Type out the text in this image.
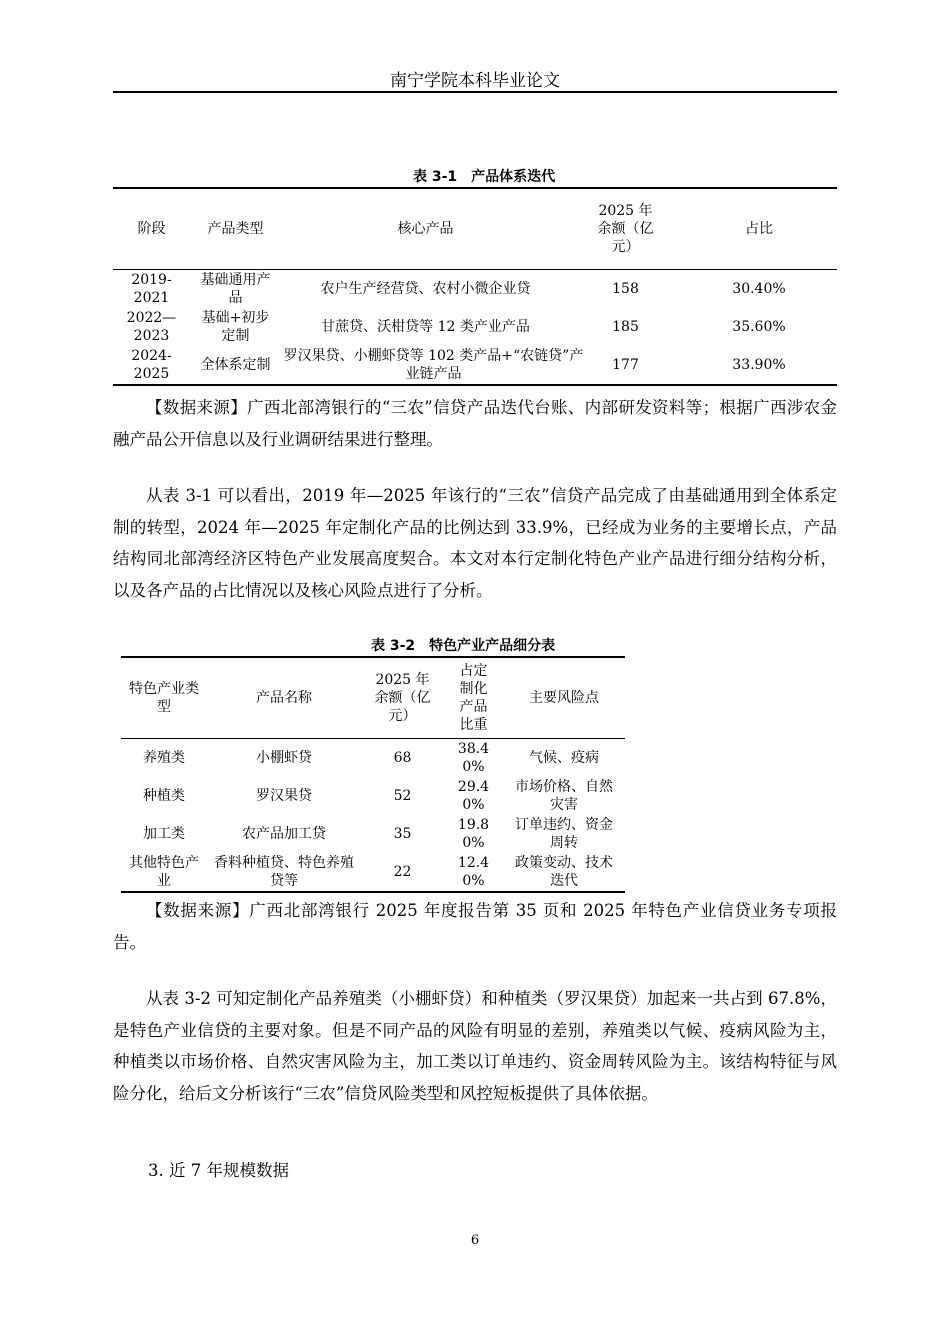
南宁学院本科毕业论文
表 3-1　产品体系迭代
阶段	产品类型	核心产品	2025 年余额（亿元）	占比

2019-2021	基础通用产品	农户生产经营贷、农村小微企业贷	158	30.40%

2022—2023	基础+初步定制	甘蔗贷、沃柑贷等 12 类产业产品	185	35.60%

2024-2025	全体系定制	罗汉果贷、小棚虾贷等 102 类产品+“农链贷”产业链产品	177	33.90%
【数据来源】广西北部湾银行的“三农”信贷产品迭代台账、内部研发资料等；根据广西涉农金融产品公开信息以及行业调研结果进行整理。
从表 3-1 可以看出，2019 年—2025 年该行的“三农”信贷产品完成了由基础通用到全体系定制的转型，2024 年—2025 年定制化产品的比例达到 33.9%，已经成为业务的主要增长点，产品结构同北部湾经济区特色产业发展高度契合。本文对本行定制化特色产业产品进行细分结构分析，以及各产品的占比情况以及核心风险点进行了分析。
表 3-2　特色产业产品细分表
特色产业类型	产品名称	2025 年余额（亿元）	占定制化产品比重	主要风险点
养殖类	小棚虾贷	68	38.40%	气候、疫病
种植类	罗汉果贷	52	29.40%	市场价格、自然灾害

加工类	农产品加工贷	35	19.80%	订单违约、资金周转

其他特色产业	香料种植贷、特色养殖贷等	22	12.40%	政策变动、技术迭代
【数据来源】广西北部湾银行 2025 年度报告第 35 页和 2025 年特色产业信贷业务专项报告。
从表 3-2 可知定制化产品养殖类（小棚虾贷）和种植类（罗汉果贷）加起来一共占到 67.8%，是特色产业信贷的主要对象。但是不同产品的风险有明显的差别，养殖类以气候、疫病风险为主，种植类以市场价格、自然灾害风险为主，加工类以订单违约、资金周转风险为主。该结构特征与风险分化，给后文分析该行“三农”信贷风险类型和风控短板提供了具体依据。
3. 近 7 年规模数据
6
